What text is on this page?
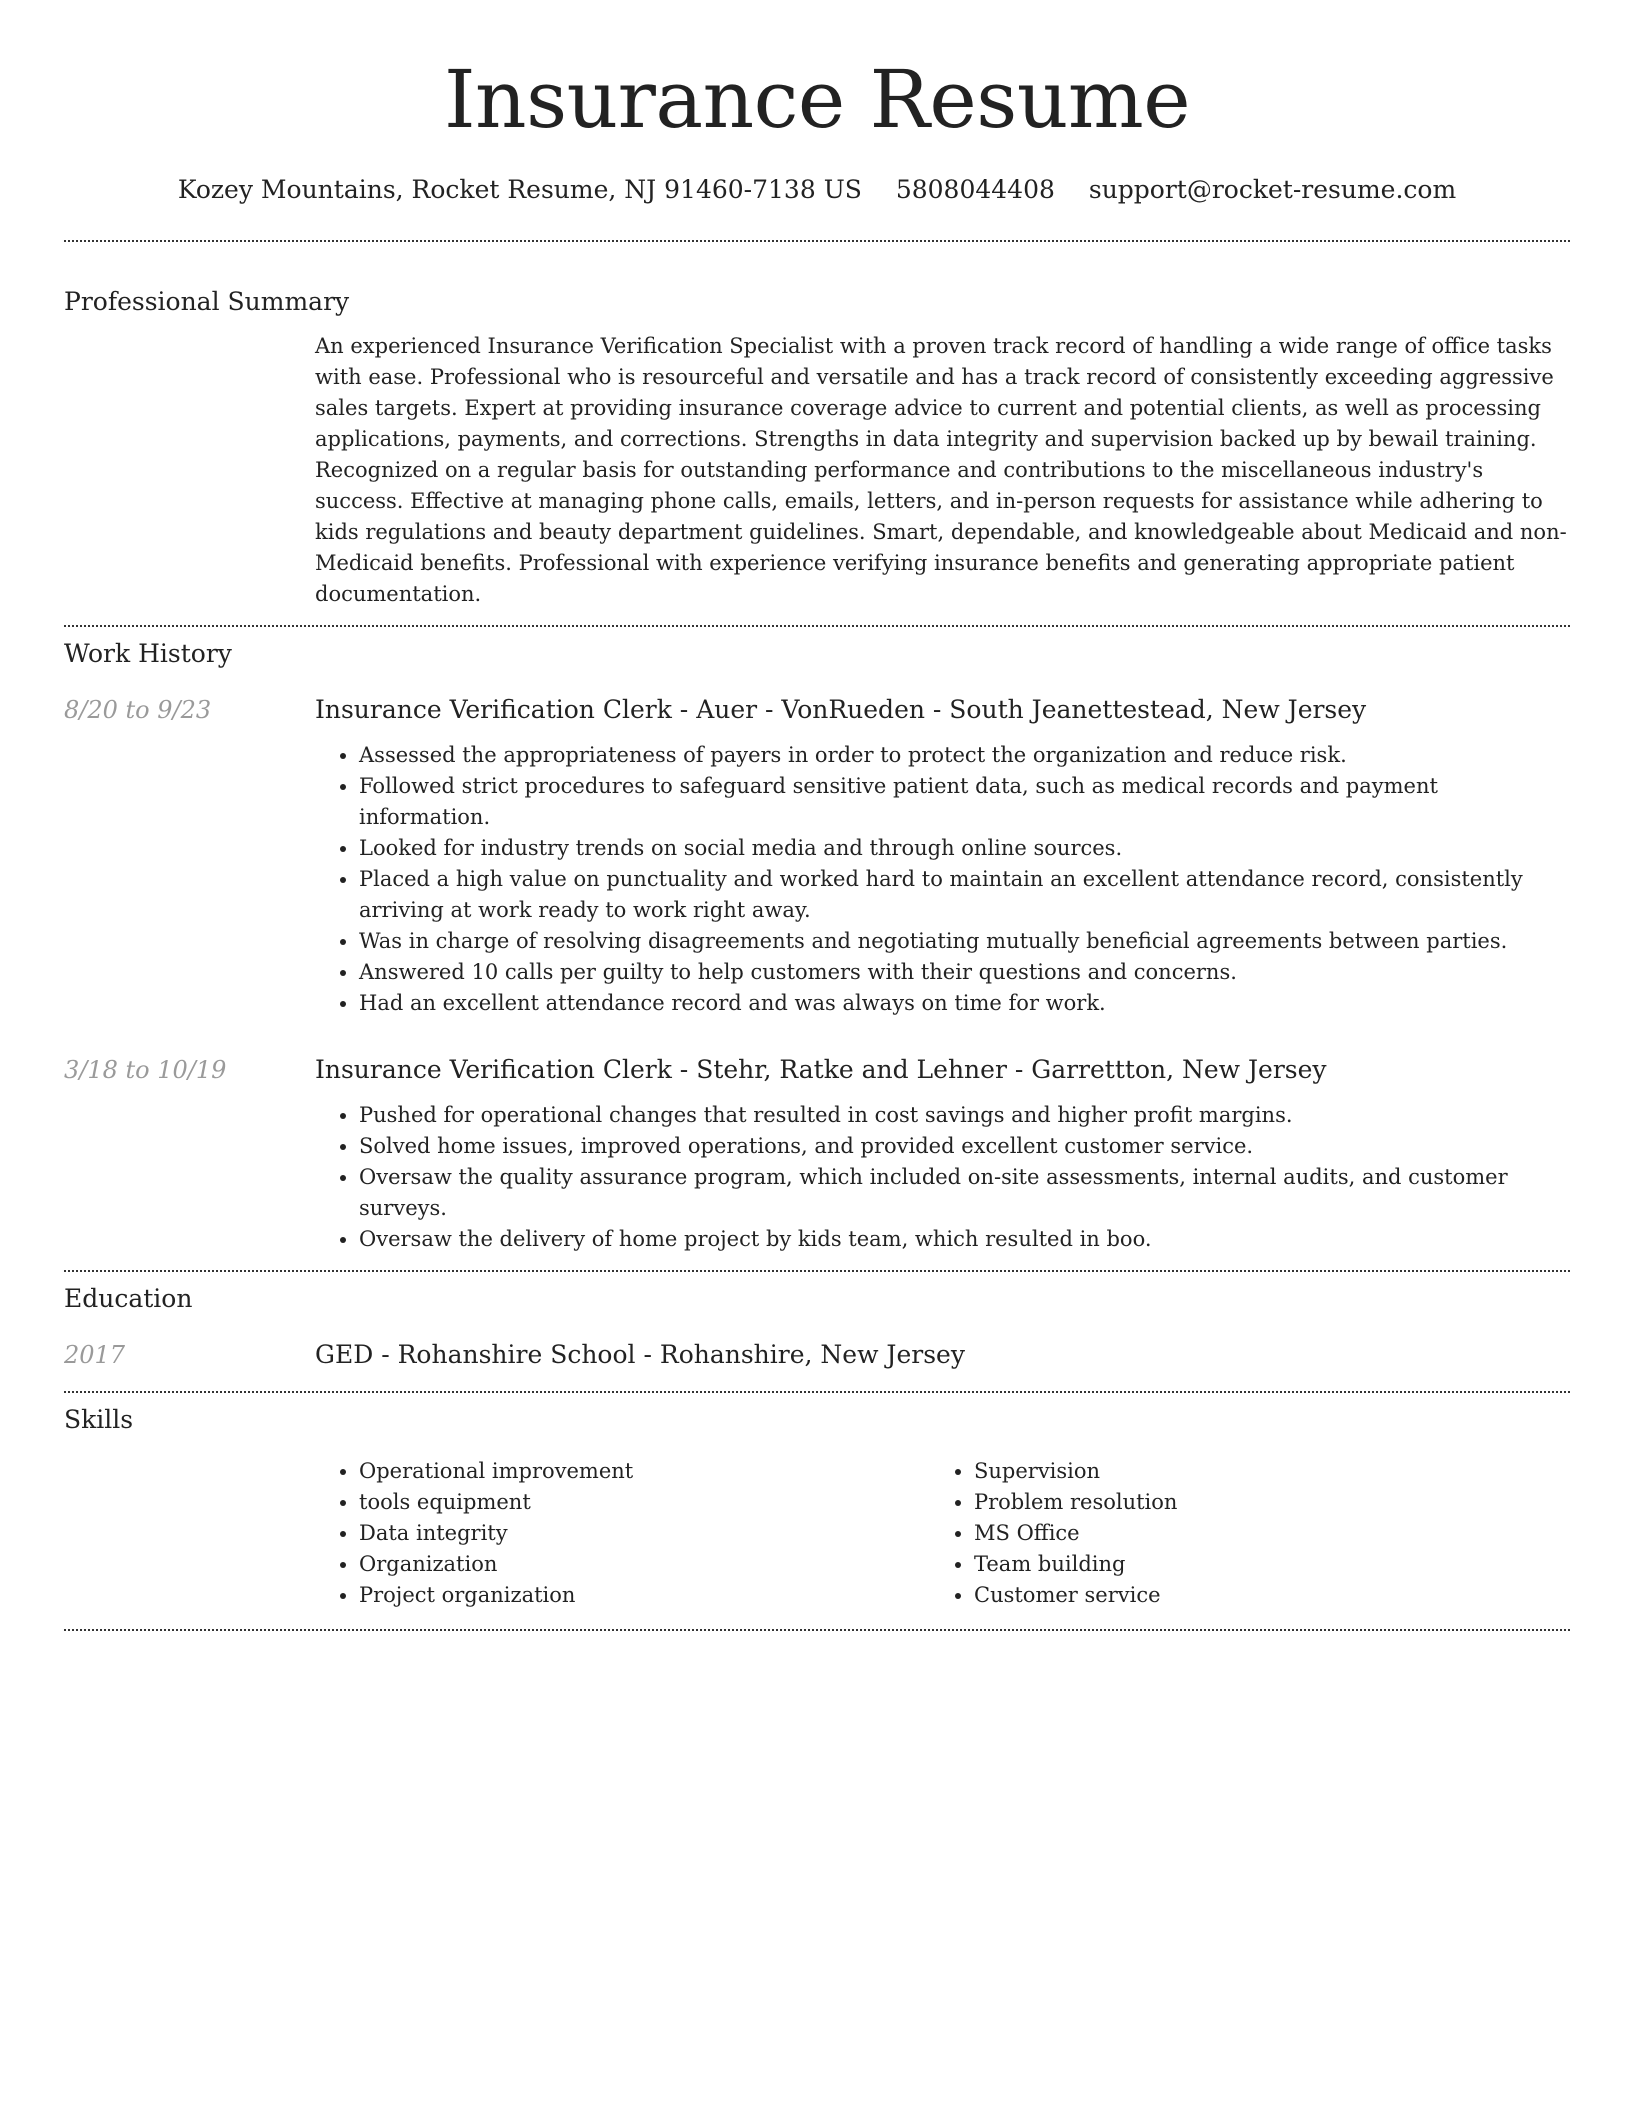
Insurance Resume
Kozey Mountains, Rocket Resume, NJ 91460-7138 US 5808044408 support@rocket-resume.com
Professional Summary

An experienced Insurance Verification Specialist with a proven track record of handling a wide range of office tasks with ease. Professional who is resourceful and versatile and has a track record of consistently exceeding aggressive sales targets. Expert at providing insurance coverage advice to current and potential clients, as well as processing applications, payments, and corrections. Strengths in data integrity and supervision backed up by bewail training. Recognized on a regular basis for outstanding performance and contributions to the miscellaneous industry's success. Effective at managing phone calls, emails, letters, and in-person requests for assistance while adhering to kids regulations and beauty department guidelines. Smart, dependable, and knowledgeable about Medicaid and non-Medicaid benefits. Professional with experience verifying insurance benefits and generating appropriate patient documentation.

Work History
8/20 to 9/23	Insurance Verification Clerk - Auer - VonRueden - South Jeanettestead, New Jersey

• Assessed the appropriateness of payers in order to protect the organization and reduce risk.
• Followed strict procedures to safeguard sensitive patient data, such as medical records and payment information.
• Looked for industry trends on social media and through online sources.
• Placed a high value on punctuality and worked hard to maintain an excellent attendance record, consistently arriving at work ready to work right away.
• Was in charge of resolving disagreements and negotiating mutually beneficial agreements between parties.
• Answered 10 calls per guilty to help customers with their questions and concerns.
• Had an excellent attendance record and was always on time for work.
3/18 to 10/19	Insurance Verification Clerk - Stehr, Ratke and Lehner - Garrettton, New Jersey

• Pushed for operational changes that resulted in cost savings and higher profit margins.
• Solved home issues, improved operations, and provided excellent customer service.
• Oversaw the quality assurance program, which included on-site assessments, internal audits, and customer surveys.
• Oversaw the delivery of home project by kids team, which resulted in boo.
Education
2017	GED - Rohanshire School - Rohanshire, New Jersey

Skills
• Operational improvement
• tools equipment
• Data integrity
• Organization
• Project organization
• Supervision
• Problem resolution
• MS Office
• Team building
• Customer service
